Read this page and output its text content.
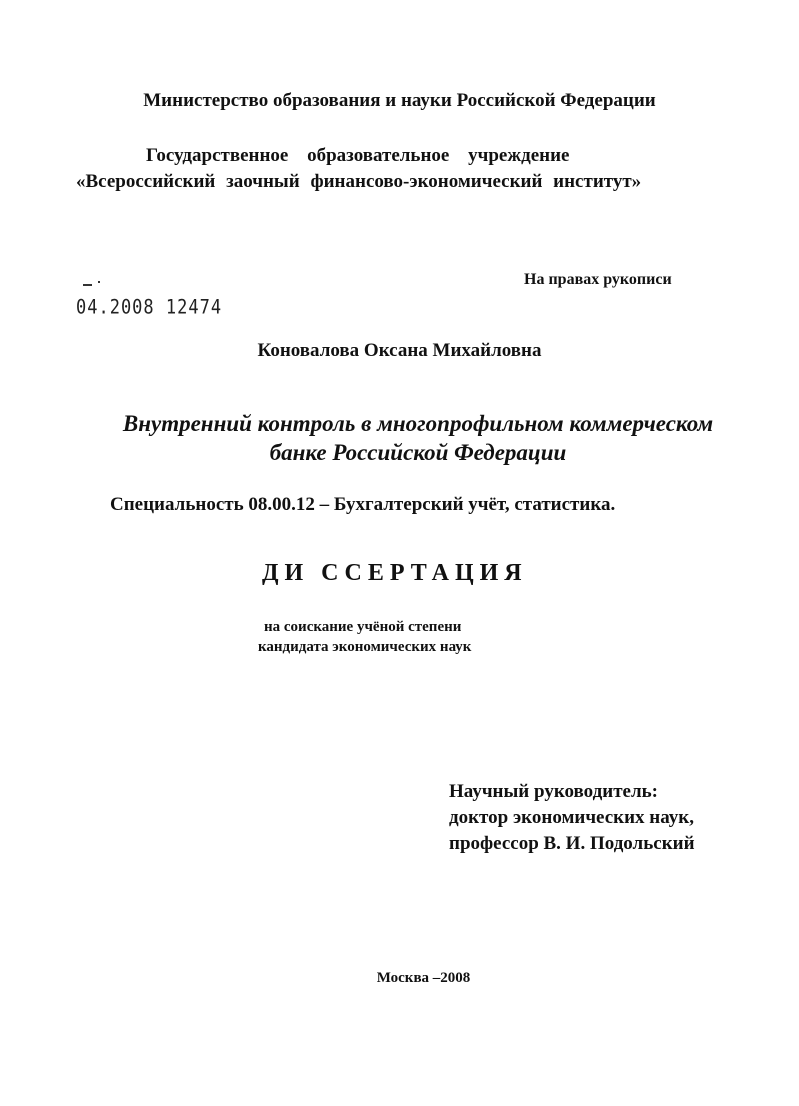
Министерство образования и науки Российской Федерации
Государственное образовательное учреждение
«Всероссийский заочный финансово-экономический институт»
На правах рукописи
04.2008 12474
Коновалова Оксана Михайловна
Внутренний контроль в многопрофильном коммерческом
банке Российской Федерации
Специальность 08.00.12 – Бухгалтерский учёт, статистика.
ДИ ССЕРТАЦИЯ
на соискание учёной степени
кандидата экономических наук
Научный руководитель:
доктор экономических наук,
профессор В. И. Подольский
Москва –2008
